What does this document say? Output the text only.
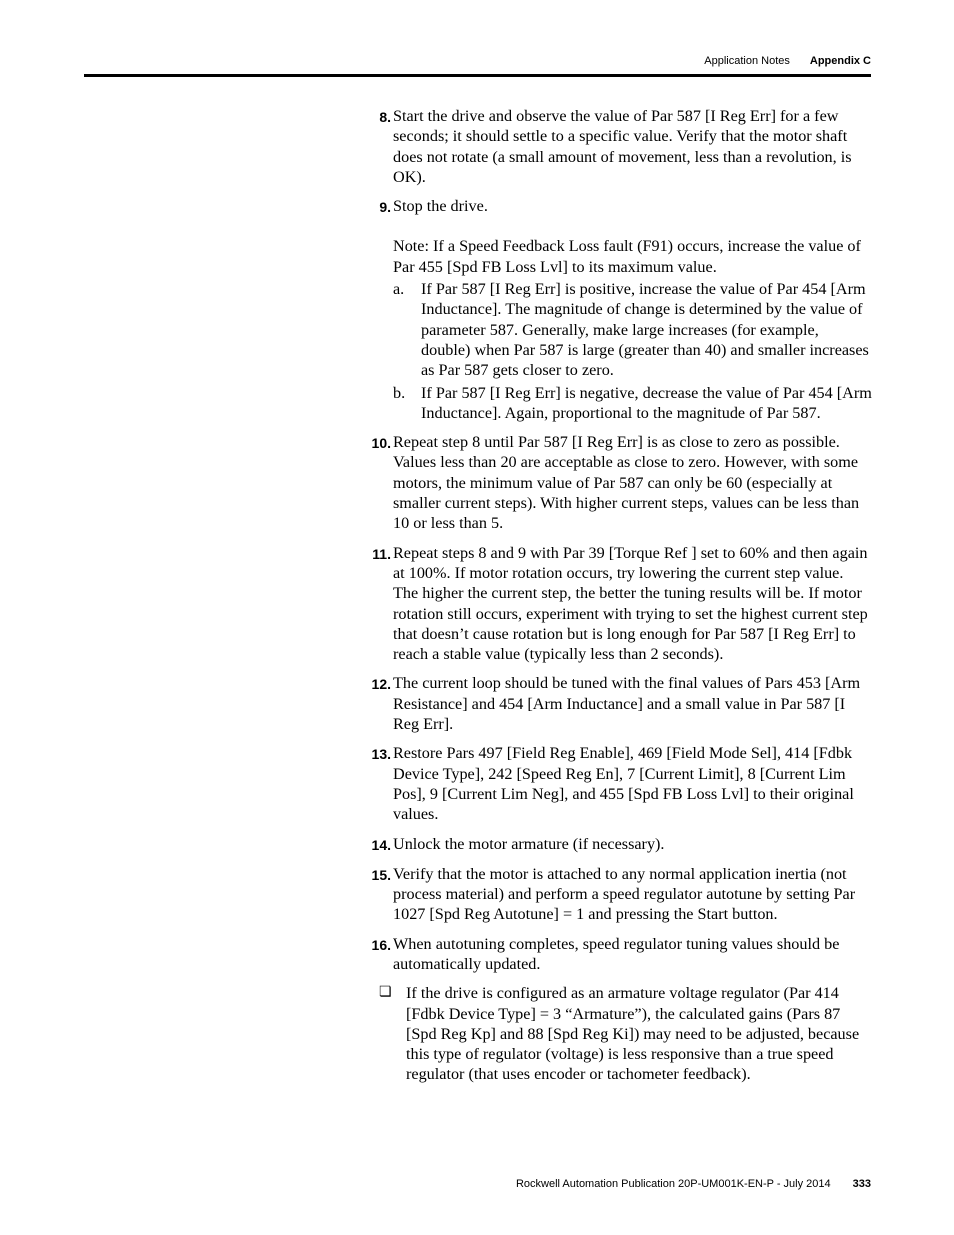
Application Notes Appendix C
8. Start the drive and observe the value of Par 587 [I Reg Err] for a few seconds; it should settle to a specific value. Verify that the motor shaft does not rotate (a small amount of movement, less than a revolution, is OK).
9. Stop the drive.
Note: If a Speed Feedback Loss fault (F91) occurs, increase the value of Par 455 [Spd FB Loss Lvl] to its maximum value.
a.	If Par 587 [I Reg Err] is positive, increase the value of Par 454 [Arm Inductance]. The magnitude of change is determined by the value of parameter 587. Generally, make large increases (for example, double) when Par 587 is large (greater than 40) and smaller increases as Par 587 gets closer to zero.
b. If Par 587 [I Reg Err] is negative, decrease the value of Par 454 [Arm Inductance]. Again, proportional to the magnitude of Par 587.
10. Repeat step 8 until Par 587 [I Reg Err] is as close to zero as possible. Values less than 20 are acceptable as close to zero. However, with some motors, the minimum value of Par 587 can only be 60 (especially at smaller current steps). With higher current steps, values can be less than 10 or less than 5.
11. Repeat steps 8 and 9 with Par 39 [Torque Ref ] set to 60% and then again at 100%. If motor rotation occurs, try lowering the current step value. The higher the current step, the better the tuning results will be. If motor rotation still occurs, experiment with trying to set the highest current step that doesn’t cause rotation but is long enough for Par 587 [I Reg Err] to reach a stable value (typically less than 2 seconds).
12. The current loop should be tuned with the final values of Pars 453 [Arm Resistance] and 454 [Arm Inductance] and a small value in Par 587 [I Reg Err].
13. Restore Pars 497 [Field Reg Enable], 469 [Field Mode Sel], 414 [Fdbk Device Type], 242 [Speed Reg En], 7 [Current Limit], 8 [Current Lim Pos], 9 [Current Lim Neg], and 455 [Spd FB Loss Lvl] to their original values.
14. Unlock the motor armature (if necessary).
15. Verify that the motor is attached to any normal application inertia (not process material) and perform a speed regulator autotune by setting Par 1027 [Spd Reg Autotune] = 1 and pressing the Start button.
16. When autotuning completes, speed regulator tuning values should be automatically updated.
❏ If the drive is configured as an armature voltage regulator (Par 414 [Fdbk Device Type] = 3 “Armature”), the calculated gains (Pars 87 [Spd Reg Kp] and 88 [Spd Reg Ki]) may need to be adjusted, because this type of regulator (voltage) is less responsive than a true speed regulator (that uses encoder or tachometer feedback).
Rockwell Automation Publication 20P-UM001K-EN-P - July 2014 333
